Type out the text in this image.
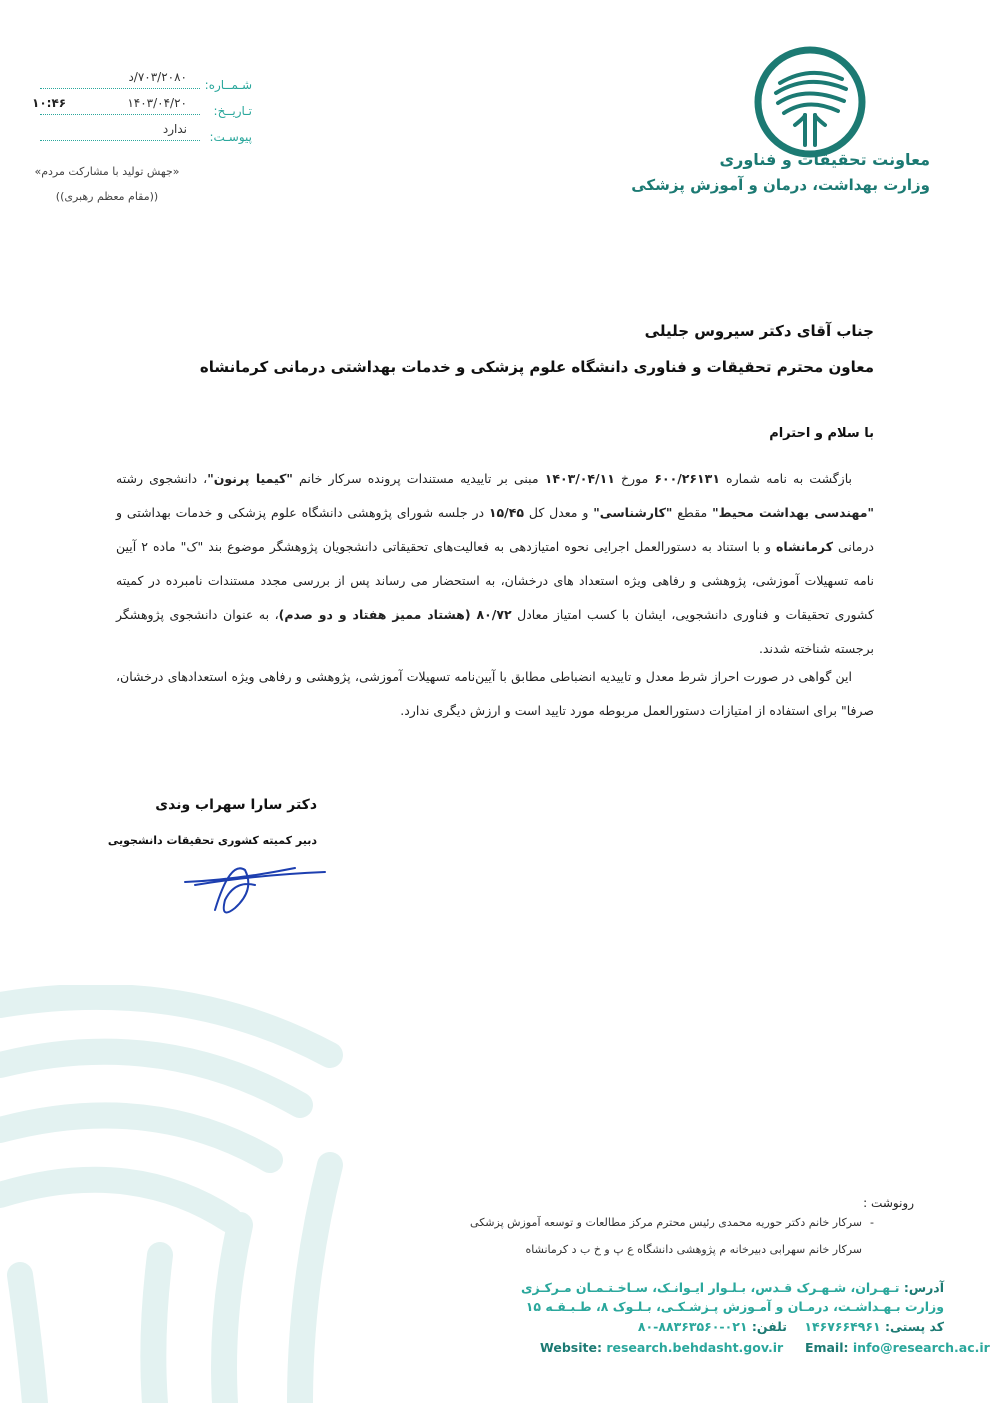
معاونت تحقیقات و فناوری
وزارت بهداشت، درمان و آموزش پزشکی
شـمــاره:
۷۰۳/۲۰۸۰/د
تـاریــخ:
۱۴۰۳/۰۴/۲۰
۱۰:۴۶
پیوسـت:
ندارد
«جهش تولید با مشارکت مردم»
((مقام معظم رهبری))
جناب آقای دکتر سیروس جلیلی
معاون محترم تحقیقات و فناوری دانشگاه علوم پزشکی و خدمات بهداشتی درمانی کرمانشاه
با سلام و احترام
بازگشت به نامه شماره ۶۰۰/۲۶۱۳۱ مورخ ۱۴۰۳/۰۴/۱۱ مبنی بر تاییدیه مستندات پرونده سرکار خانم "کیمیا پرنون"، دانشجوی رشته "مهندسی بهداشت محیط" مقطع "کارشناسی" و معدل کل ۱۵/۴۵ در جلسه شورای پژوهشی دانشگاه علوم پزشکی و خدمات بهداشتی و درمانی کرمانشاه و با استناد به دستورالعمل اجرایی نحوه امتیازدهی به فعالیت‌های تحقیقاتی دانشجویان پژوهشگر موضوع بند "ک" ماده ۲ آیین نامه تسهیلات آموزشی، پژوهشی و رفاهی ویژه استعداد های درخشان، به استحضار می رساند پس از بررسی مجدد مستندات نامبرده در کمیته کشوری تحقیقات و فناوری دانشجویی، ایشان با کسب امتیاز معادل ۸۰/۷۲ (هشتاد ممیز هفتاد و دو صدم)، به عنوان دانشجوی پژوهشگر برجسته شناخته شدند.
این گواهی در صورت احراز شرط معدل و تاییدیه انضباطی مطابق با آیین‌نامه تسهیلات آموزشی، پژوهشی و رفاهی ویژه استعدادهای درخشان، صرفا" برای استفاده از امتیازات دستورالعمل مربوطه مورد تایید است و ارزش دیگری ندارد.
دکتر سارا سهراب وندی
دبیر کمیته کشوری تحقیقات دانشجویی
رونوشت :
-
سرکار خانم دکتر حوریه محمدی رئیس محترم مرکز مطالعات و توسعه آموزش پزشکی
سرکار خانم سهرابی دبیرخانه م پژوهشی دانشگاه ع پ و خ ب د کرمانشاه
آدرس: تـهـران، شـهـرک قـدس، بـلـوار ایـوانـک، سـاخـتـمـان مـرکـزی
وزارت بـهـداشـت، درمـان و آمـوزش پـزشـکـی، بـلـوک ۸، طـبـقـه ۱۵
کد پستی: ۱۴۶۷۶۶۴۹۶۱    تلفن: ۰۲۱-۸۸۳۶۳۵۶۰-۸۰
Website: research.behdasht.gov.ir Email: info@research.ac.ir
